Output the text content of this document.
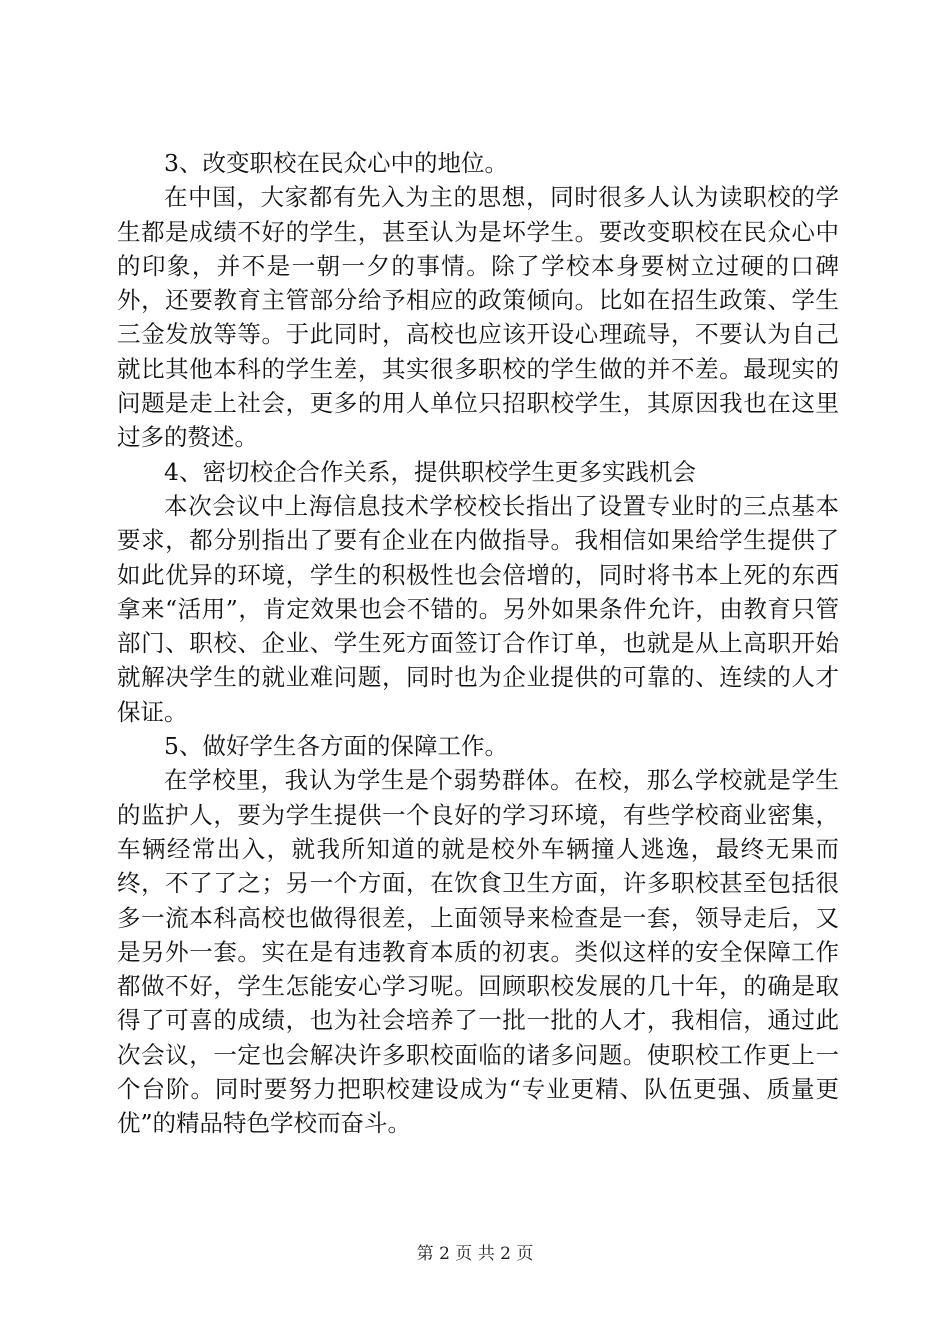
3、改变职校在民众心中的地位。

在中国，大家都有先入为主的思想，同时很多人认为读职校的学生都是成绩不好的学生，甚至认为是坏学生。要改变职校在民众心中的印象，并不是一朝一夕的事情。除了学校本身要树立过硬的口碑外，还要教育主管部分给予相应的政策倾向。比如在招生政策、学生三金发放等等。于此同时，高校也应该开设心理疏导，不要认为自己就比其他本科的学生差，其实很多职校的学生做的并不差。最现实的问题是走上社会，更多的用人单位只招职校学生，其原因我也在这里过多的赘述。

4、密切校企合作关系，提供职校学生更多实践机会

本次会议中上海信息技术学校校长指出了设置专业时的三点基本要求，都分别指出了要有企业在内做指导。我相信如果给学生提供了如此优异的环境，学生的积极性也会倍增的，同时将书本上死的东西拿来“活用”，肯定效果也会不错的。另外如果条件允许，由教育只管部门、职校、企业、学生死方面签订合作订单，也就是从上高职开始就解决学生的就业难问题，同时也为企业提供的可靠的、连续的人才保证。

5、做好学生各方面的保障工作。

在学校里，我认为学生是个弱势群体。在校，那么学校就是学生的监护人，要为学生提供一个良好的学习环境，有些学校商业密集，车辆经常出入，就我所知道的就是校外车辆撞人逃逸，最终无果而终，不了了之；另一个方面，在饮食卫生方面，许多职校甚至包括很多一流本科高校也做得很差，上面领导来检查是一套，领导走后，又是另外一套。实在是有违教育本质的初衷。类似这样的安全保障工作都做不好，学生怎能安心学习呢。回顾职校发展的几十年，的确是取得了可喜的成绩，也为社会培养了一批一批的人才，我相信，通过此次会议，一定也会解决许多职校面临的诸多问题。使职校工作更上一个台阶。同时要努力把职校建设成为“专业更精、队伍更强、质量更优”的精品特色学校而奋斗。

第 2 页 共 2 页
